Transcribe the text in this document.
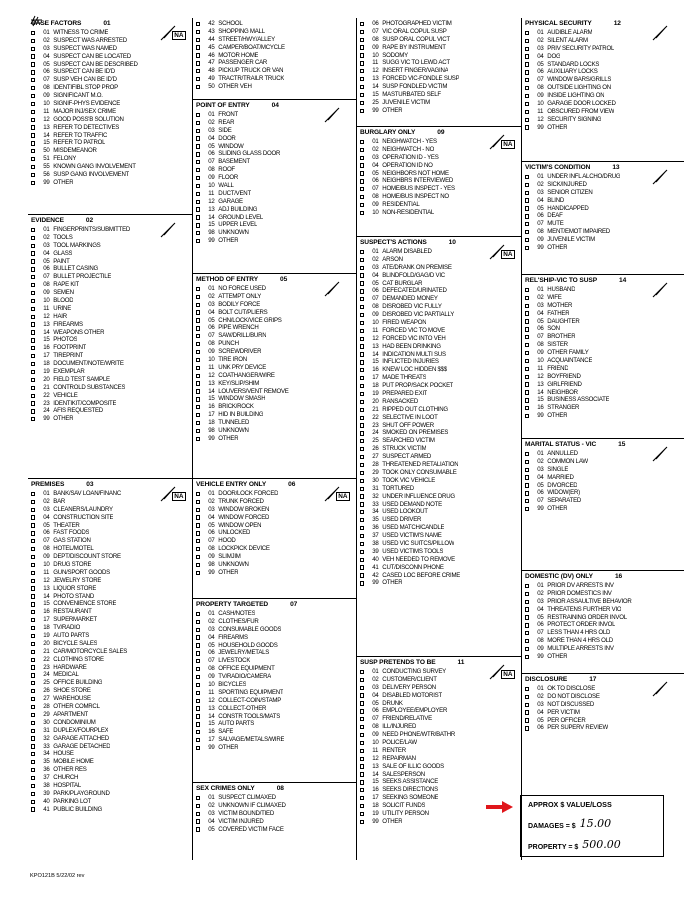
CASE FACTORS	01
01 WITNESS TO CRIME
02 SUSPECT WAS ARRESTED
03 SUSPECT WAS NAMED
04 SUSPECT CAN BE LOCATED
05 SUSPECT CAN BE DESCRIBED
06 SUSPECT CAN BE ID'D
07 SUSP VEH CAN BE ID'D
08 IDENTIFIBL STOP PROP
09 SIGNIFICANT M.O.
10 SIGNIF-PHYS EVIDENCE
11 MAJOR INJ/SEX CRIME
12 GOOD POSS'B SOLUTION
13 REFER TO DETECTIVES
14 REFER TO TRAFFIC
15 REFER TO PATROL
50 MISDEMEANOR
51 FELONY
55 KNOWN GANG INVOLVEMENT
56 SUSP GANG INVOLVEMENT
99 OTHER
NA
EVIDENCE	02
01 FINGERPRINTS/SUBMITTED
02 TOOLS
03 TOOL MARKINGS
04 GLASS
05 PAINT
06 BULLET CASING
07 BULLET PROJECTILE
08 RAPE KIT
09 SEMEN
10 BLOOD
11 URINE
12 HAIR
13 FIREARMS
14 WEAPONS OTHER
15 PHOTOS
16 FOOTPRINT
17 TIREPRINT
18 DOCUMENT/NOTE/WRITE
19 EXEMPLAR
20 FIELD TEST SAMPLE
21 CONTROLD SUBSTANCES
22 VEHICLE
23 IDENTIKIT/COMPOSITE
24 AFIS REQUESTED
99 OTHER
PREMISES	03
01 BANK/SAV LOAN/FINANC
02 BAR
03 CLEANERS/LAUNDRY
04 CONSTRUCTION SITE
05 THEATER
06 FAST FOODS
07 GAS STATION
08 HOTEL/MOTEL
09 DEPT/DISCOUNT STORE
10 DRUG STORE
11 GUN/SPORT GOODS
12 JEWELRY STORE
13 LIQUOR STORE
14 PHOTO STAND
15 CONVENIENCE STORE
16 RESTAURANT
17 SUPERMARKET
18 TV/RADIO
19 AUTO PARTS
20 BICYCLE SALES
21 CAR/MOTORCYCLE SALES
22 CLOTHING STORE
23 HARDWARE
24 MEDICAL
25 OFFICE BUILDING
26 SHOE STORE
27 WAREHOUSE
28 OTHER COMRCL
29 APARTMENT
30 CONDOMINIUM
31 DUPLEX/FOURPLEX
32 GARAGE ATTACHED
33 GARAGE DETACHED
34 HOUSE
35 MOBILE HOME
36 OTHER RES
37 CHURCH
38 HOSPITAL
39 PARK/PLAYGROUND
40 PARKING LOT
41 PUBLIC BUILDING
NA
42 SCHOOL
43 SHOPPING MALL
44 STREET/HWY/ALLEY
45 CAMPER/BOAT/MCYCLE
46 MOTOR HOME
47 PASSENGER CAR
48 PICKUP TRUCK OR VAN
49 TRACTR/TRAILR TRUCK
50 OTHER VEH
POINT OF ENTRY	04
01 FRONT
02 REAR
03 SIDE
04 DOOR
05 WINDOW
06 SLIDING GLASS DOOR
07 BASEMENT
08 ROOF
09 FLOOR
10 WALL
11 DUCT/VENT
12 GARAGE
13 ADJ BUILDING
14 GROUND LEVEL
15 UPPER LEVEL
98 UNKNOWN
99 OTHER
METHOD OF ENTRY	05
01 NO FORCE USED
02 ATTEMPT ONLY
03 BODILY FORCE
04 BOLT CUT/PLIERS
05 CHN/LOCK/VICE GRIPS
06 PIPE WRENCH
07 SAW/DRILL/BURN
08 PUNCH
09 SCREWDRIVER
10 TIRE IRON
11 UNK PRY DEVICE
12 COATHANGER/WIRE
13 KEY/SLIP/SHIM
14 LOUVERS/VENT REMOVE
15 WINDOW SMASH
16 BRICK/ROCK
17 HID IN BUILDING
18 TUNNELED
98 UNKNOWN
99 OTHER
VEHICLE ENTRY ONLY	06
01 DOOR/LOCK FORCED
02 TRUNK FORCED
03 WINDOW BROKEN
04 WINDOW FORCED
05 WINDOW OPEN
06 UNLOCKED
07 HOOD
08 LOCKPICK DEVICE
09 SLIMJIM
98 UNKNOWN
99 OTHER
NA
PROPERTY TARGETED	07
01 CASH/NOTES
02 CLOTHES/FUR
03 CONSUMABLE GOODS
04 FIREARMS
05 HOUSEHOLD GOODS
06 JEWELRY/METALS
07 LIVESTOCK
08 OFFICE EQUIPMENT
09 TV/RADIO/CAMERA
10 BICYCLES
11 SPORTING EQUIPMENT
12 COLLECT-COIN/STAMP
13 COLLECT-OTHER
14 CONSTR TOOLS/MATS
15 AUTO PARTS
16 SAFE
17 SALVAGE/METALS/WIRE
99 OTHER
SEX CRIMES ONLY	08
01 SUSPECT CLIMAXED
02 UNKNOWN IF CLIMAXED
03 VICTIM BOUND/TIED
04 VICTIM INJURED
05 COVERED VICTIM FACE
06 PHOTOGRAPHED VICTIM
07 VIC ORAL COPUL SUSP
08 SUSP ORAL COPUL VICT
09 RAPE BY INSTRUMENT
10 SODOMY
11 SUGG VIC TO LEWD ACT
12 INSERT FINGER/VAGINA
13 FORCED VIC-FONDLE SUSP
14 SUSP FONDLED VICTIM
15 MASTURBATED SELF
25 JUVENILE VICTIM
99 OTHER
BURGLARY ONLY	09
01 NEIGHWATCH - YES
02 NEIGHWATCH - NO
03 OPERATION ID - YES
04 OPERATION ID NO
05 NEIGHBORS NOT HOME
06 NEIGHBRS INTERVIEWED
07 HOME/BUS INSPECT - YES
08 HOME/BUS INSPECT NO
09 RESIDENTIAL
10 NON-RESIDENTIAL
NA
SUSPECT'S ACTIONS	10
01 ALARM DISABLED
02 ARSON
03 ATE/DRANK ON PREMISE
04 BLINDFOLD/GAG/D VIC
05 CAT BURGLAR
06 DEFECATED/URINATED
07 DEMANDED MONEY
08 DISROBED VIC FULLY
09 DISROBED VIC PARTIALLY
10 FIRED WEAPON
11 FORCED VIC TO MOVE
12 FORCED VIC INTO VEH
13 HAD BEEN DRINKING
14 INDICATION MULTI SUS
15 INFLICTED INJURIES
16 KNEW LOC HIDDEN $$$
17 MADE THREATS
18 PUT PROP/SACK POCKET
19 PREPARED EXIT
20 RANSACKED
21 RIPPED OUT CLOTHING
22 SELECTIVE IN LOOT
23 SHUT OFF POWER
24 SMOKED ON PREMISES
25 SEARCHED VICTIM
26 STRUCK VICTIM
27 SUSPECT ARMED
28 THREATENED RETALIATION
29 TOOK ONLY CONSUMABLE
30 TOOK VIC VEHICLE
31 TORTURED
32 UNDER INFLUENCE DRUG
33 USED DEMAND NOTE
34 USED LOOKOUT
35 USED DRIVER
36 USED MATCH/CANDLE
37 USED VICTIM'S NAME
38 USED VIC SUITCS/PILLOW
39 USED VICTIMS TOOLS
40 VEH NEEDED TO REMOVE
41 CUT/DISCONN PHONE
42 CASED LOC BEFORE CRIME
99 OTHER
NA
SUSP PRETENDS TO BE	11
01 CONDUCTING SURVEY
02 CUSTOMER/CLIENT
03 DELIVERY PERSON
04 DISABLED MOTORIST
05 DRUNK
06 EMPLOYEE/EMPLOYER
07 FRIEND/RELATIVE
08 ILL/INJURED
09 NEED PHONE/WTR/BATHR
10 POLICE/LAW
11 RENTER
12 REPAIRMAN
13 SALE OF ILLIC GOODS
14 SALESPERSON
15 SEEKS ASSISTANCE
16 SEEKS DIRECTIONS
17 SEEKING SOMEONE
18 SOLICIT FUNDS
19 UTILITY PERSON
99 OTHER
NA
PHYSICAL SECURITY	12
01 AUDIBLE ALARM
02 SILENT ALARM
03 PRIV SECURITY PATROL
04 DOG
05 STANDARD LOCKS
06 AUXILIARY LOCKS
07 WINDOW BARS/GRILLS
08 OUTSIDE LIGHTING ON
09 INSIDE LIGHTING ON
10 GARAGE DOOR LOCKED
11 OBSCURED FROM VIEW
12 SECURITY SIGNING
99 OTHER
VICTIM'S CONDITION	13
01 UNDER INFL ALCHO/DRUG
02 SICK/INJURED
03 SENIOR CITIZEN
04 BLIND
05 HANDICAPPED
06 DEAF
07 MUTE
08 MENT/EMOT IMPAIRED
09 JUVENILE VICTIM
99 OTHER
REL'SHIP-VIC TO SUSP	14
01 HUSBAND
02 WIFE
03 MOTHER
04 FATHER
05 DAUGHTER
06 SON
07 BROTHER
08 SISTER
09 OTHER FAMILY
10 ACQUAINTANCE
11 FRIEND
12 BOYFRIEND
13 GIRLFRIEND
14 NEIGHBOR
15 BUSINESS ASSOCIATE
16 STRANGER
99 OTHER
MARITAL STATUS - VIC	15
01 ANNULLED
02 COMMON LAW
03 SINGLE
04 MARRIED
05 DIVORCED
06 WIDOW(ER)
07 SEPARATED
99 OTHER
DOMESTIC (DV) ONLY	16
01 PRIOR DV ARRESTS INV
02 PRIOR DOMESTICS INV
03 PRIOR ASSAULTIVE BEHAVIOR
04 THREATENS FURTHER VIO
05 RESTRAINING ORDER INVOL
06 PROTECT ORDER INVOL
07 LESS THAN 4 HRS OLD
08 MORE THAN 4 HRS OLD
09 MULTIPLE ARRESTS INV
99 OTHER
DISCLOSURE	17
01 OK TO DISCLOSE
02 DO NOT DISCLOSE
03 NOT DISCUSSED
04 PER VICTIM
05 PER OFFICER
06 PER SUPERV REVIEW
APPROX $ VALUE/LOSS
DAMAGES = $ 15.00
PROPERTY = $ 500.00
KPO121B 5/22/02 rev
